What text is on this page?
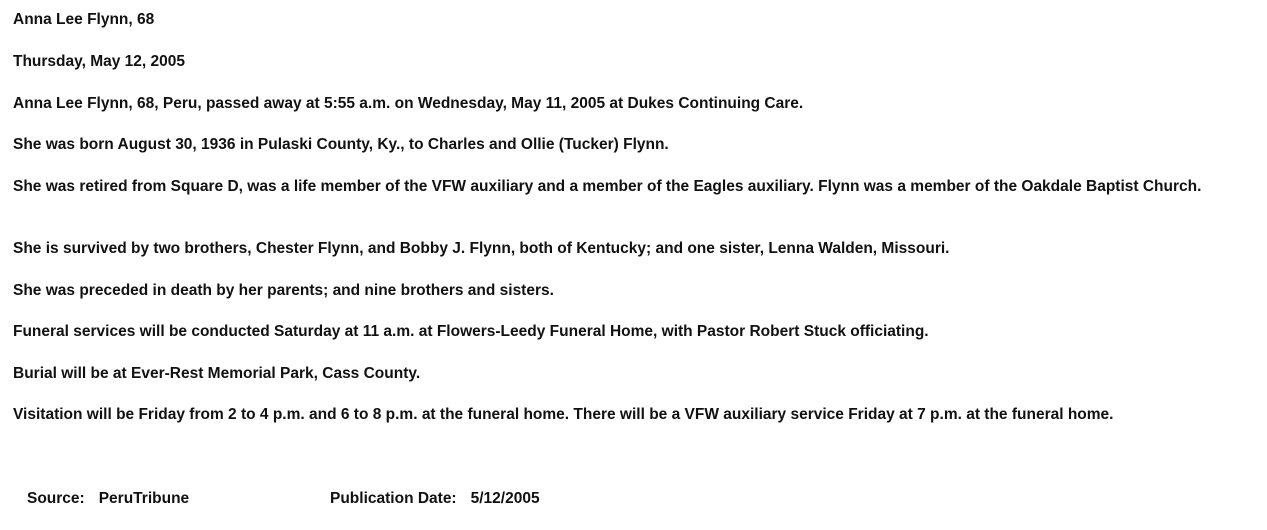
Anna Lee Flynn, 68

Thursday, May 12, 2005

Anna Lee Flynn, 68, Peru, passed away at 5:55 a.m. on Wednesday, May 11, 2005 at Dukes Continuing Care.

She was born August 30, 1936 in Pulaski County, Ky., to Charles and Ollie (Tucker) Flynn.

She was retired from Square D, was a life member of the VFW auxiliary and a member of the Eagles auxiliary. Flynn was a member of the Oakdale Baptist Church.

She is survived by two brothers, Chester Flynn, and Bobby J. Flynn, both of Kentucky; and one sister, Lenna Walden, Missouri.

She was preceded in death by her parents; and nine brothers and sisters.

Funeral services will be conducted Saturday at 11 a.m. at Flowers-Leedy Funeral Home, with Pastor Robert Stuck officiating.

Burial will be at Ever-Rest Memorial Park, Cass County.

Visitation will be Friday from 2 to 4 p.m. and 6 to 8 p.m. at the funeral home. There will be a VFW auxiliary service Friday at 7 p.m. at the funeral home.

Source: PeruTribune	Publication Date: 5/12/2005
